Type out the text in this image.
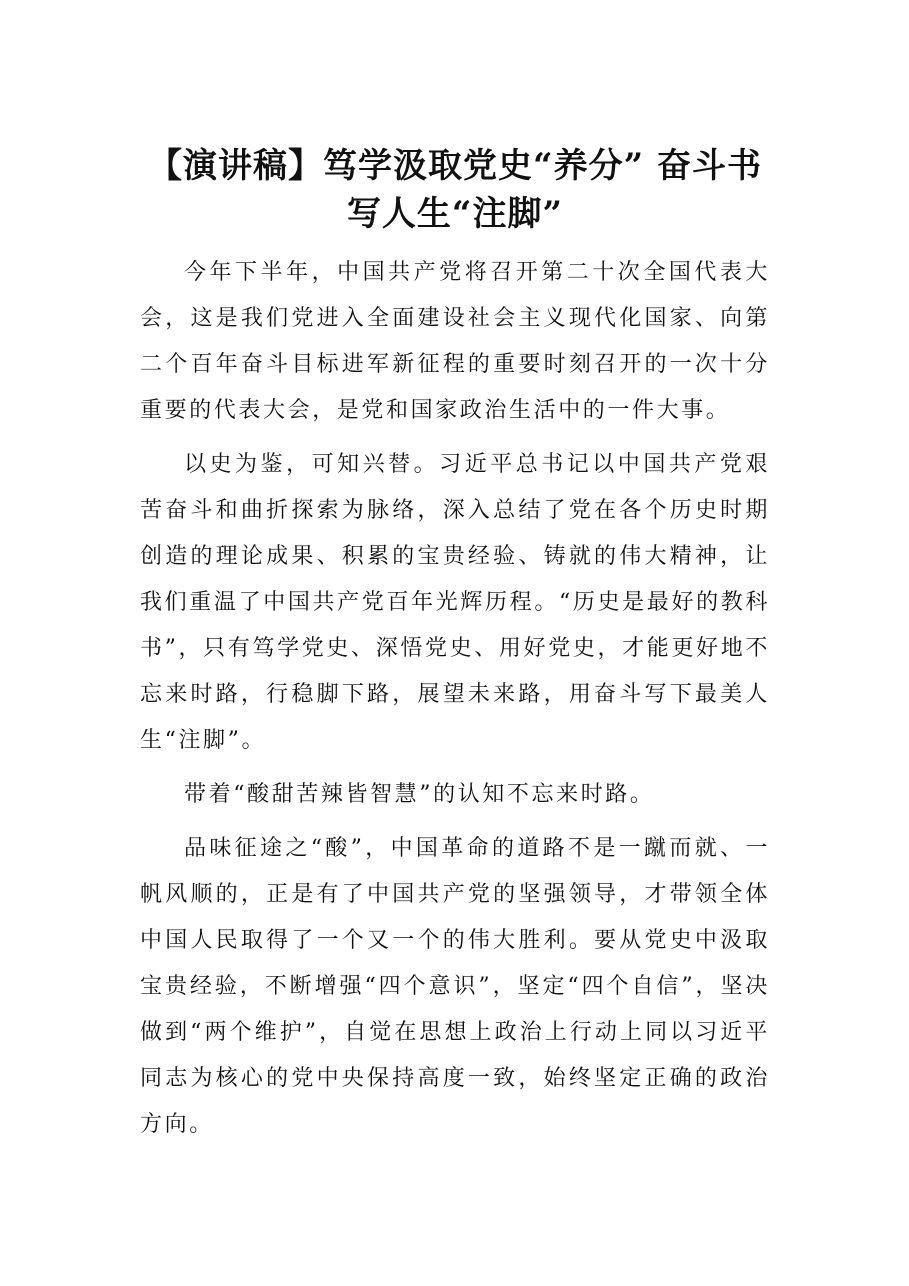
【演讲稿】笃学汲取党史“养分” 奋斗书
写人生“注脚”

今年下半年，中国共产党将召开第二十次全国代表大会，这是我们党进入全面建设社会主义现代化国家、向第二个百年奋斗目标进军新征程的重要时刻召开的一次十分重要的代表大会，是党和国家政治生活中的一件大事。

以史为鉴，可知兴替。习近平总书记以中国共产党艰苦奋斗和曲折探索为脉络，深入总结了党在各个历史时期创造的理论成果、积累的宝贵经验、铸就的伟大精神，让我们重温了中国共产党百年光辉历程。“历史是最好的教科书”，只有笃学党史、深悟党史、用好党史，才能更好地不忘来时路，行稳脚下路，展望未来路，用奋斗写下最美人生“注脚”。

带着“酸甜苦辣皆智慧”的认知不忘来时路。

品味征途之“酸”，中国革命的道路不是一蹴而就、一帆风顺的，正是有了中国共产党的坚强领导，才带领全体中国人民取得了一个又一个的伟大胜利。要从党史中汲取宝贵经验，不断增强“四个意识”，坚定“四个自信”，坚决做到“两个维护”，自觉在思想上政治上行动上同以习近平同志为核心的党中央保持高度一致，始终坚定正确的政治方向。
